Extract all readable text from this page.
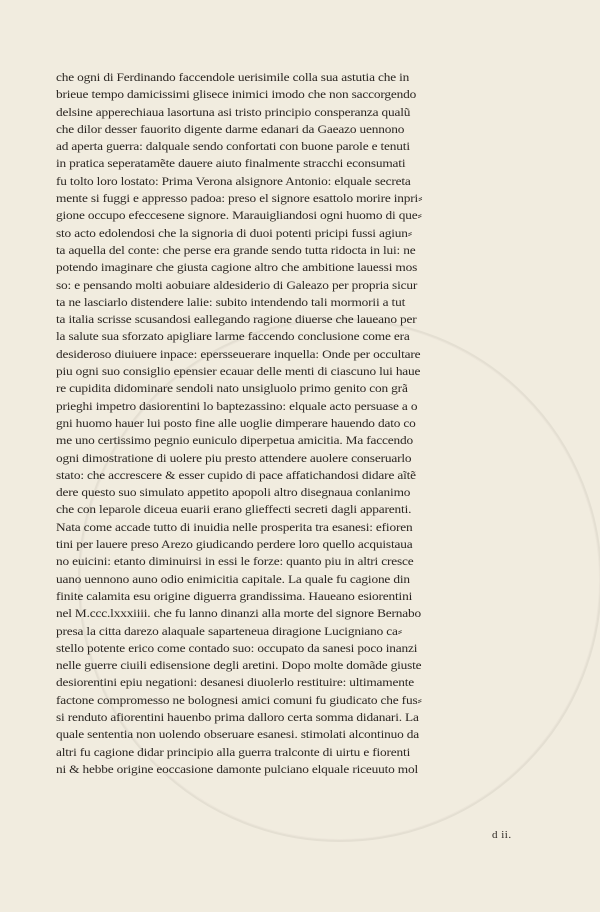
che ogni di Ferdinando faccendole uerisimile colla sua astutia che in
brieue tempo damicissimi glisece inimici imodo che non saccorgendo
delsine apperechiaua lasortuna asi tristo principio consperanza qualũ
che dilor desser fauorito digente darme edanari da Gaeazo uennono
ad aperta guerra: dalquale sendo confortati con buone parole e tenuti
in pratica seperatamẽte dauere aiuto finalmente stracchi econsumati
fu tolto loro lostato: Prima Verona alsignore Antonio: elquale secreta
mente si fuggi e appresso padoa: preso el signore esattolo morire inpri⸗
gione occupo efeccesene signore. Marauigliandosi ogni huomo di que⸗
sto acto edolendosi che la signoria di duoi potenti pricipi fussi agiun⸗
ta aquella del conte: che perse era grande sendo tutta ridocta in lui: ne
potendo imaginare che giusta cagione altro che ambitione lauessi mos
so: e pensando molti aobuiare aldesiderio di Galeazo per propria sicur
ta ne lasciarlo distendere lalie: subito intendendo tali mormorii a tut
ta italia scrisse scusandosi eallegando ragione diuerse che laueano per
la salute sua sforzato apigliare larme faccendo conclusione come era
desideroso diuiuere inpace: epersseuerare inquella: Onde per occultare
piu ogni suo consiglio epensier ecauar delle menti di ciascuno lui haue
re cupidita didominare sendoli nato unsigluolo primo genito con grã
prieghi impetro dasiorentini lo baptezassino: elquale acto persuase a o
gni huomo hauer lui posto fine alle uoglie dimperare hauendo dato co
me uno certissimo pegnio euniculo diperpetua amicitia. Ma faccendo
ogni dimostratione di uolere piu presto attendere auolere conseruarlo
stato: che accrescere & esser cupido di pace affatichandosi didare aĩtẽ
dere questo suo simulato appetito apopoli altro disegnaua conlanimo
che con leparole diceua euarii erano glieffecti secreti dagli apparenti.
Nata come accade tutto di inuidia nelle prosperita tra esanesi: efioren
tini per lauere preso Arezo giudicando perdere loro quello acquistaua
no euicini: etanto diminuirsi in essi le forze: quanto piu in altri cresce
uano uennono auno odio enimicitia capitale. La quale fu cagione din
finite calamita esu origine diguerra grandissima. Haueano esiorentini
nel M.ccc.lxxxiiii. che fu lanno dinanzi alla morte del signore Bernabo
presa la citta darezo alaquale saparteneua diragione Lucigniano ca⸗
stello potente erico come contado suo: occupato da sanesi poco inanzi
nelle guerre ciuili edisensione degli aretini. Dopo molte domãde giuste
desiorentini epiu negationi: desanesi diuolerlo restituire: ultimamente
factone compromesso ne bolognesi amici comuni fu giudicato che fus⸗
si renduto afiorentini hauenbo prima dalloro certa somma didanari. La
quale sententia non uolendo obseruare esanesi. stimolati alcontinuo da
altri fu cagione didar principio alla guerra tralconte di uirtu e fiorenti
ni & hebbe origine eoccasione damonte pulciano elquale riceuuto mol
d ii.
